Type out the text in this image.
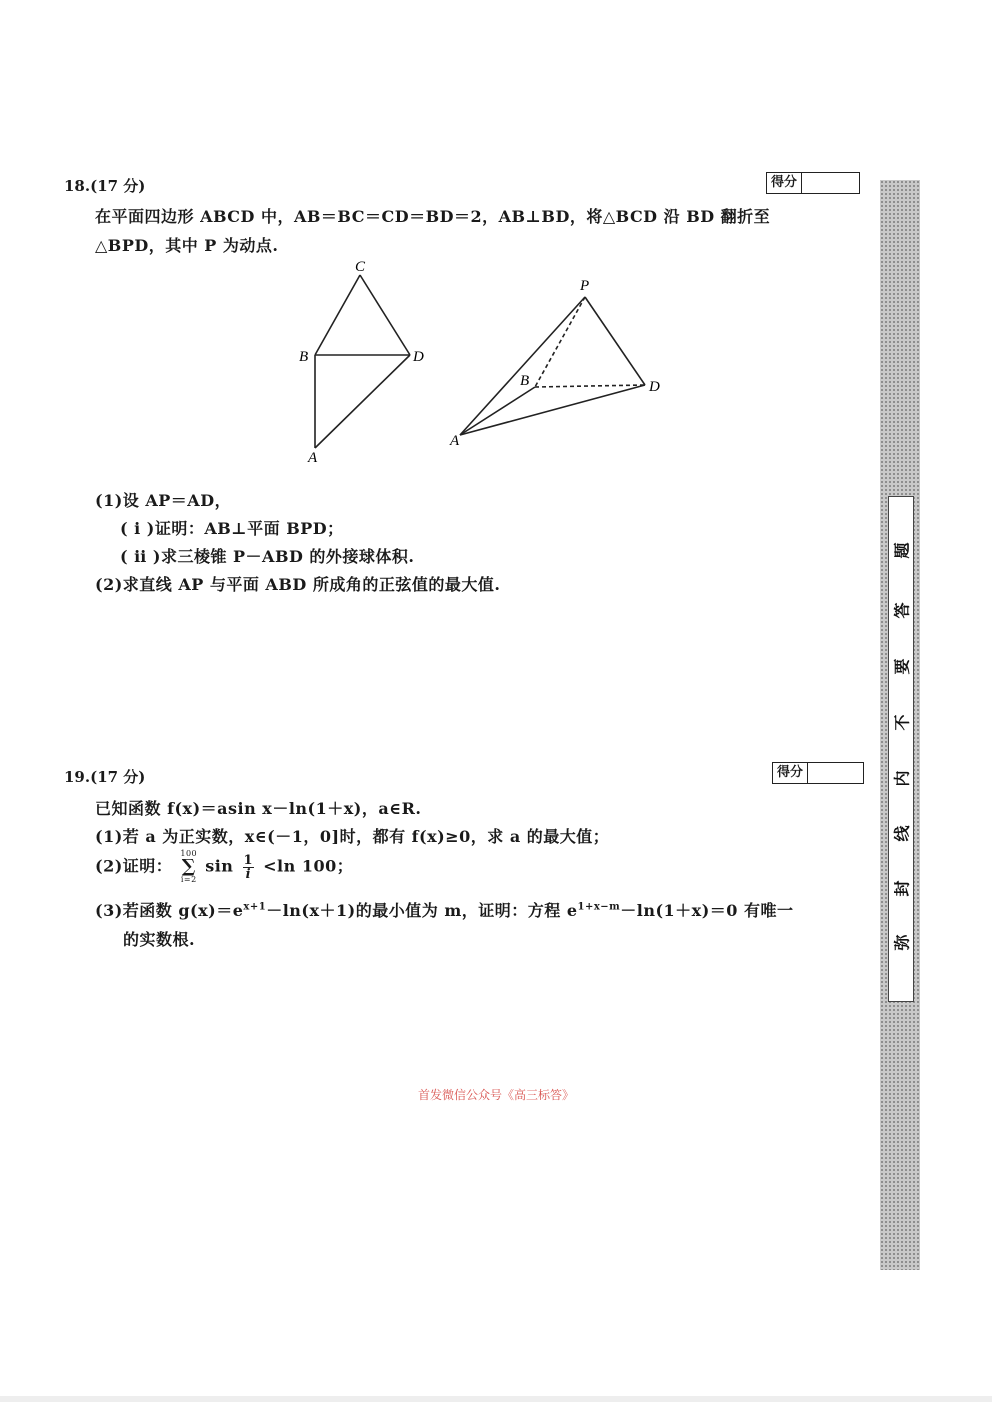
18.(17 分)	得分
在平面四边形 ABCD 中，AB＝BC＝CD＝BD＝2，AB⊥BD，将△BCD 沿 BD 翻折至
△BPD，其中 P 为动点.
C
B	D
A
P
B	D
A
(1)设 AP＝AD，
( ⅰ )证明：AB⊥平面 BPD；
( ⅱ )求三棱锥 P－ABD 的外接球体积.
(2)求直线 AP 与平面 ABD 所成角的正弦值的最大值.
19.(17 分)	得分
已知函数 f(x)＝asin x－ln(1＋x)，a∈R.
(1)若 a 为正实数，x∈(－1，0]时，都有 f(x)≥0，求 a 的最大值；
(2)证明：
100
∑
i=2
$\sin \frac{1}{i} <\ln$ 100；
(3)若函数 $g(x)=e^{x+1}-\ln(x+1)$的最小值为 m，证明：方程 $e^{1+x-m}-\ln(1+x)=0$ 有唯一
的实数根.
首发微信公众号《高三标答》
题
答
要
不
内
线
封
弥
